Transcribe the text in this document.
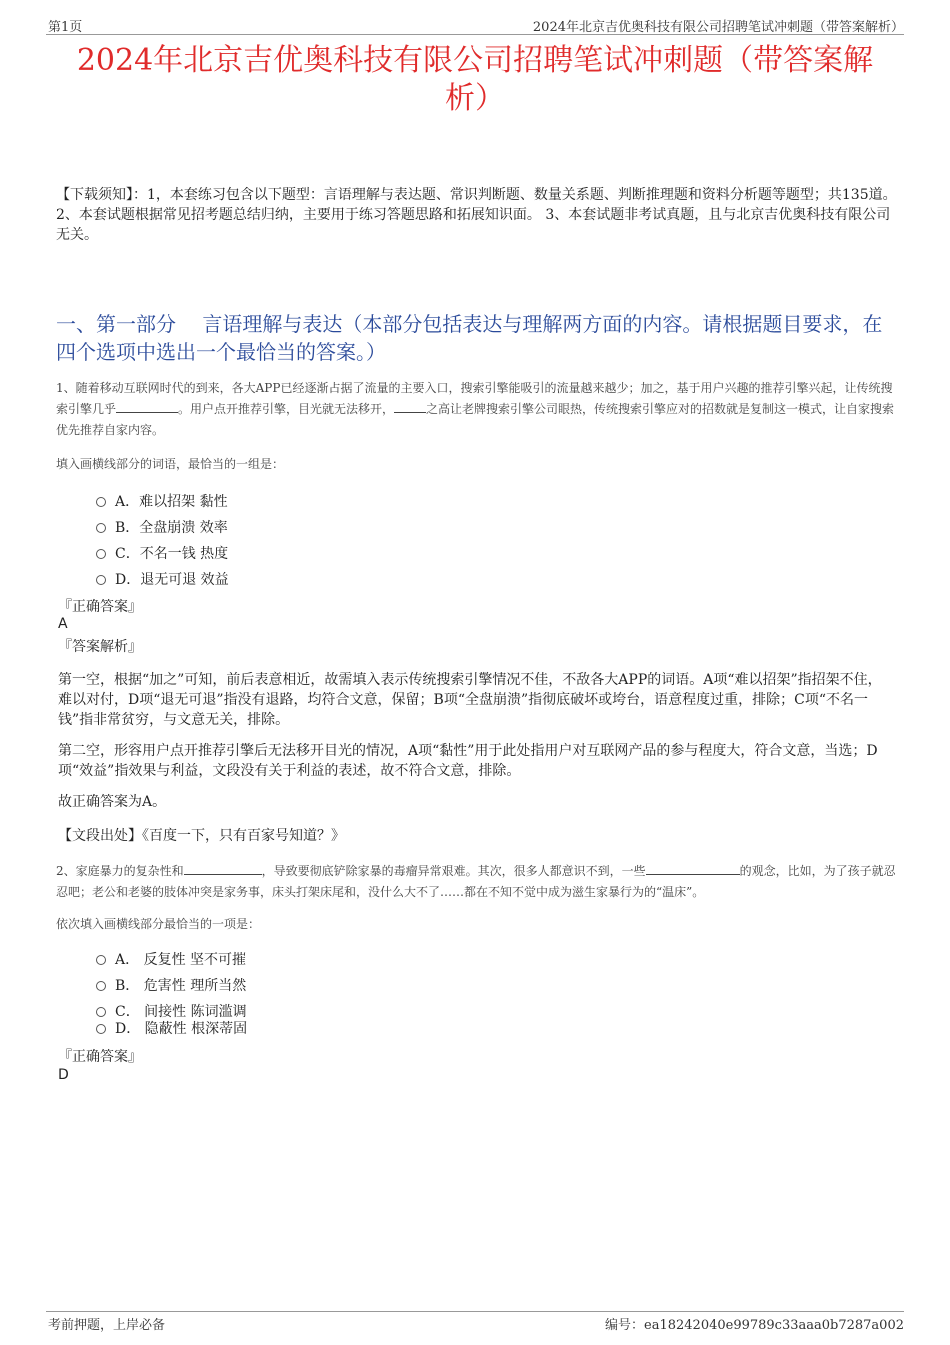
第1页	2024年北京吉优奥科技有限公司招聘笔试冲刺题（带答案解析）
2024年北京吉优奥科技有限公司招聘笔试冲刺题（带答案解析）

【下载须知】：1，本套练习包含以下题型：言语理解与表达题、常识判断题、数量关系题、判断推理题和资料分析题等题型；共135道。 2、本套试题根据常见招考题总结归纳，主要用于练习答题思路和拓展知识面。 3、本套试题非考试真题，且与北京吉优奥科技有限公司无关。

一、第一部分　 言语理解与表达（本部分包括表达与理解两方面的内容。请根据题目要求，在四个选项中选出一个最恰当的答案。）

1、随着移动互联网时代的到来，各大APP已经逐渐占据了流量的主要入口，搜索引擎能吸引的流量越来越少；加之，基于用户兴趣的推荐引擎兴起，让传统搜索引擎几乎	。用户点开推荐引擎，目光就无法移开，	之高让老牌搜索引擎公司眼热，传统搜索引擎应对的招数就是复制这一模式，让自家搜索优先推荐自家内容。

填入画横线部分的词语，最恰当的一组是：

A．难以招架 黏性
B．全盘崩溃 效率
C．不名一钱 热度
D．退无可退 效益
『正确答案』
A
『答案解析』

第一空，根据“加之”可知，前后表意相近，故需填入表示传统搜索引擎情况不佳，不敌各大APP的词语。A项“难以招架”指招架不住，难以对付，D项“退无可退”指没有退路，均符合文意，保留；B项“全盘崩溃”指彻底破坏或垮台，语意程度过重，排除；C项“不名一钱”指非常贫穷，与文意无关，排除。

第二空，形容用户点开推荐引擎后无法移开目光的情况，A项“黏性”用于此处指用户对互联网产品的参与程度大，符合文意，当选；D项“效益”指效果与利益，文段没有关于利益的表述，故不符合文意，排除。

故正确答案为A。

【文段出处】《百度一下，只有百家号知道？》

2、家庭暴力的复杂性和	，导致要彻底铲除家暴的毒瘤异常艰难。其次，很多人都意识不到，一些	的观念，比如，为了孩子就忍忍吧；老公和老婆的肢体冲突是家务事，床头打架床尾和，没什么大不了……都在不知不觉中成为滋生家暴行为的“温床”。

依次填入画横线部分最恰当的一项是：

A． 反复性 坚不可摧
B． 危害性 理所当然
C． 间接性 陈词滥调
D． 隐蔽性 根深蒂固
『正确答案』
D
考前押题，上岸必备	编号：ea18242040e99789c33aaa0b7287a002
